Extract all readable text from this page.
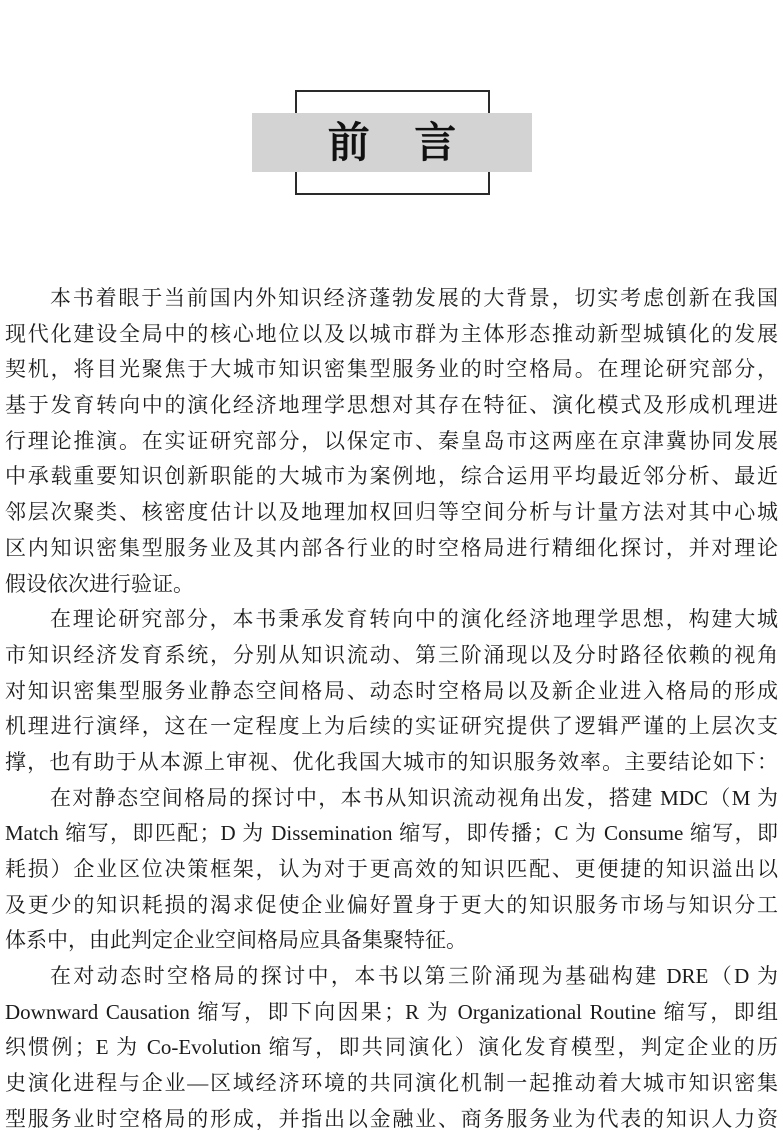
前 言
本书着眼于当前国内外知识经济蓬勃发展的大背景，切实考虑创新在我国
现代化建设全局中的核心地位以及以城市群为主体形态推动新型城镇化的发展
契机，将目光聚焦于大城市知识密集型服务业的时空格局。在理论研究部分，
基于发育转向中的演化经济地理学思想对其存在特征、演化模式及形成机理进
行理论推演。在实证研究部分，以保定市、秦皇岛市这两座在京津冀协同发展
中承载重要知识创新职能的大城市为案例地，综合运用平均最近邻分析、最近
邻层次聚类、核密度估计以及地理加权回归等空间分析与计量方法对其中心城
区内知识密集型服务业及其内部各行业的时空格局进行精细化探讨，并对理论
假设依次进行验证。
在理论研究部分，本书秉承发育转向中的演化经济地理学思想，构建大城
市知识经济发育系统，分别从知识流动、第三阶涌现以及分时路径依赖的视角
对知识密集型服务业静态空间格局、动态时空格局以及新企业进入格局的形成
机理进行演绎，这在一定程度上为后续的实证研究提供了逻辑严谨的上层次支
撑，也有助于从本源上审视、优化我国大城市的知识服务效率。主要结论如下：
在对静态空间格局的探讨中，本书从知识流动视角出发，搭建 MDC（M 为
Match 缩写，即匹配；D 为 Dissemination 缩写，即传播；C 为 Consume 缩写，即
耗损）企业区位决策框架，认为对于更高效的知识匹配、更便捷的知识溢出以
及更少的知识耗损的渴求促使企业偏好置身于更大的知识服务市场与知识分工
体系中，由此判定企业空间格局应具备集聚特征。
在对动态时空格局的探讨中，本书以第三阶涌现为基础构建 DRE（D 为
Downward Causation 缩写，即下向因果；R 为 Organizational Routine 缩写，即组
织惯例；E 为 Co-Evolution 缩写，即共同演化）演化发育模型，判定企业的历
史演化进程与企业—区域经济环境的共同演化机制一起推动着大城市知识密集
型服务业时空格局的形成，并指出以金融业、商务服务业为代表的知识人力资
